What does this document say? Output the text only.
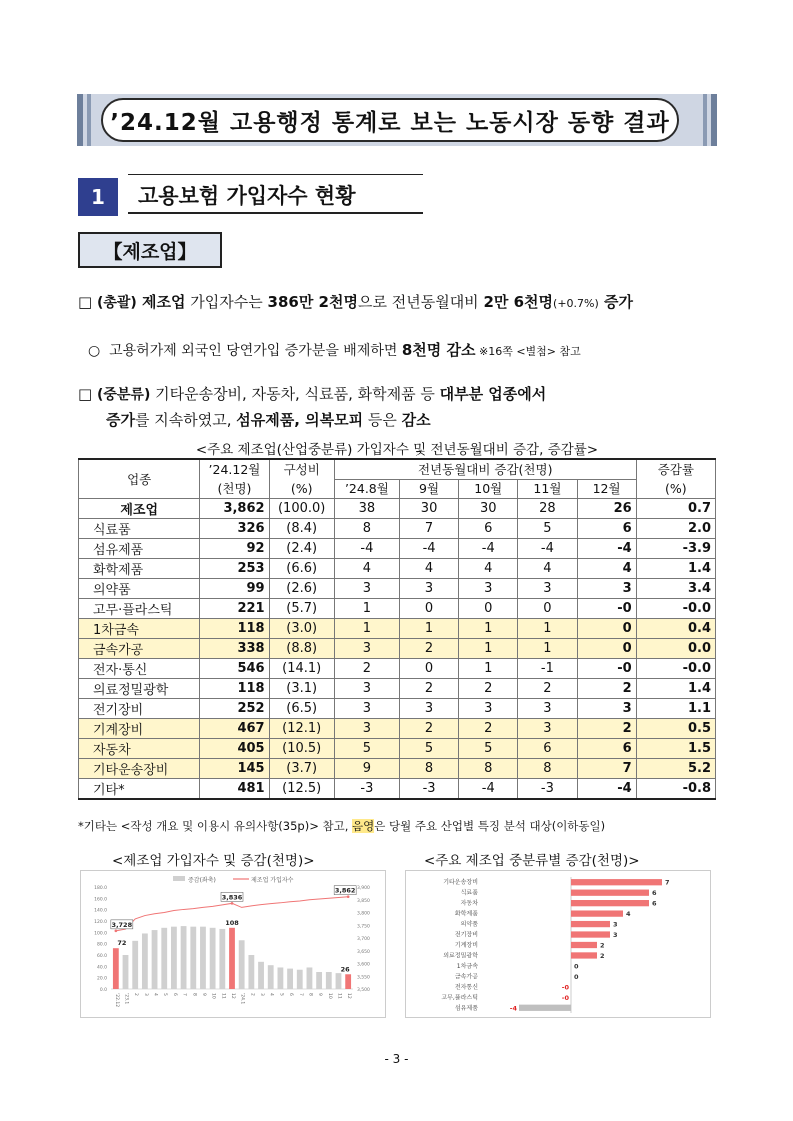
’24.12월 고용행정 통계로 보는 노동시장 동향 결과
1	고용보험 가입자수 현황
【제조업】
□ (총괄) 제조업 가입자수는 386만 2천명으로 전년동월대비 2만 6천명(+0.7%) 증가
○ 고용허가제 외국인 당연가입 증가분을 배제하면 8천명 감소 ※16쪽 <별첨> 참고
□ (중분류) 기타운송장비, 자동차, 식료품, 화학제품 등 대부분 업종에서
증가를 지속하였고, 섬유제품, 의복모피 등은 감소
<주요 제조업(산업중분류) 가입자수 및 전년동월대비 증감, 증감률>
업종	’24.12월	구성비	전년동월대비 증감(천명)					증감률
	(천명)	(%)	’24.8월	9월	10월	11월	12월	(%)
제조업	3,862	(100.0)	38	30	30	28	26	0.7
식료품	326	(8.4)	8	7	6	5	6	2.0
섬유제품	92	(2.4)	-4	-4	-4	-4	-4	-3.9
화학제품	253	(6.6)	4	4	4	4	4	1.4
의약품	99	(2.6)	3	3	3	3	3	3.4
고무·플라스틱	221	(5.7)	1	0	0	0	-0	-0.0
1차금속	118	(3.0)	1	1	1	1	0	0.4
금속가공	338	(8.8)	3	2	1	1	0	0.0
전자·통신	546	(14.1)	2	0	1	-1	-0	-0.0
의료정밀광학	118	(3.1)	3	2	2	2	2	1.4
전기장비	252	(6.5)	3	3	3	3	3	1.1
기계장비	467	(12.1)	3	2	2	3	2	0.5
자동차	405	(10.5)	5	5	5	6	6	1.5
기타운송장비	145	(3.7)	9	8	8	8	7	5.2
기타*	481	(12.5)	-3	-3	-4	-3	-4	-0.8
*기타는 <작성 개요 및 이용시 유의사항(35p)> 참고, 음영은 당월 주요 산업별 특징 분석 대상(이하동일)
<제조업 가입자수 및 증감(천명)>	<주요 제조업 중분류별 증감(천명)>
증감(좌축)	제조업 가입자수
0.0
20.0
40.0
60.0
80.0
100.0
120.0
140.0
160.0
180.0
3,500
3,550
3,600
3,650
3,700
3,750
3,800
3,850
3,900
'22.12 '23.1 2 3 4 5 6 7 8 9 10 11 12 '24.1 2 3 4 5 6 7 8 9 10 11 12
72
108
26
3,728
3,836
3,862
기타운송장비	7
식료품	6
자동차	6
화학제품	4
의약품	3
전기장비	3
기계장비	2
의료정밀광학	2
1차금속	0
금속가공	0
전자통신	-0
고무,플라스틱	-0
섬유제품	-4
- 3 -
